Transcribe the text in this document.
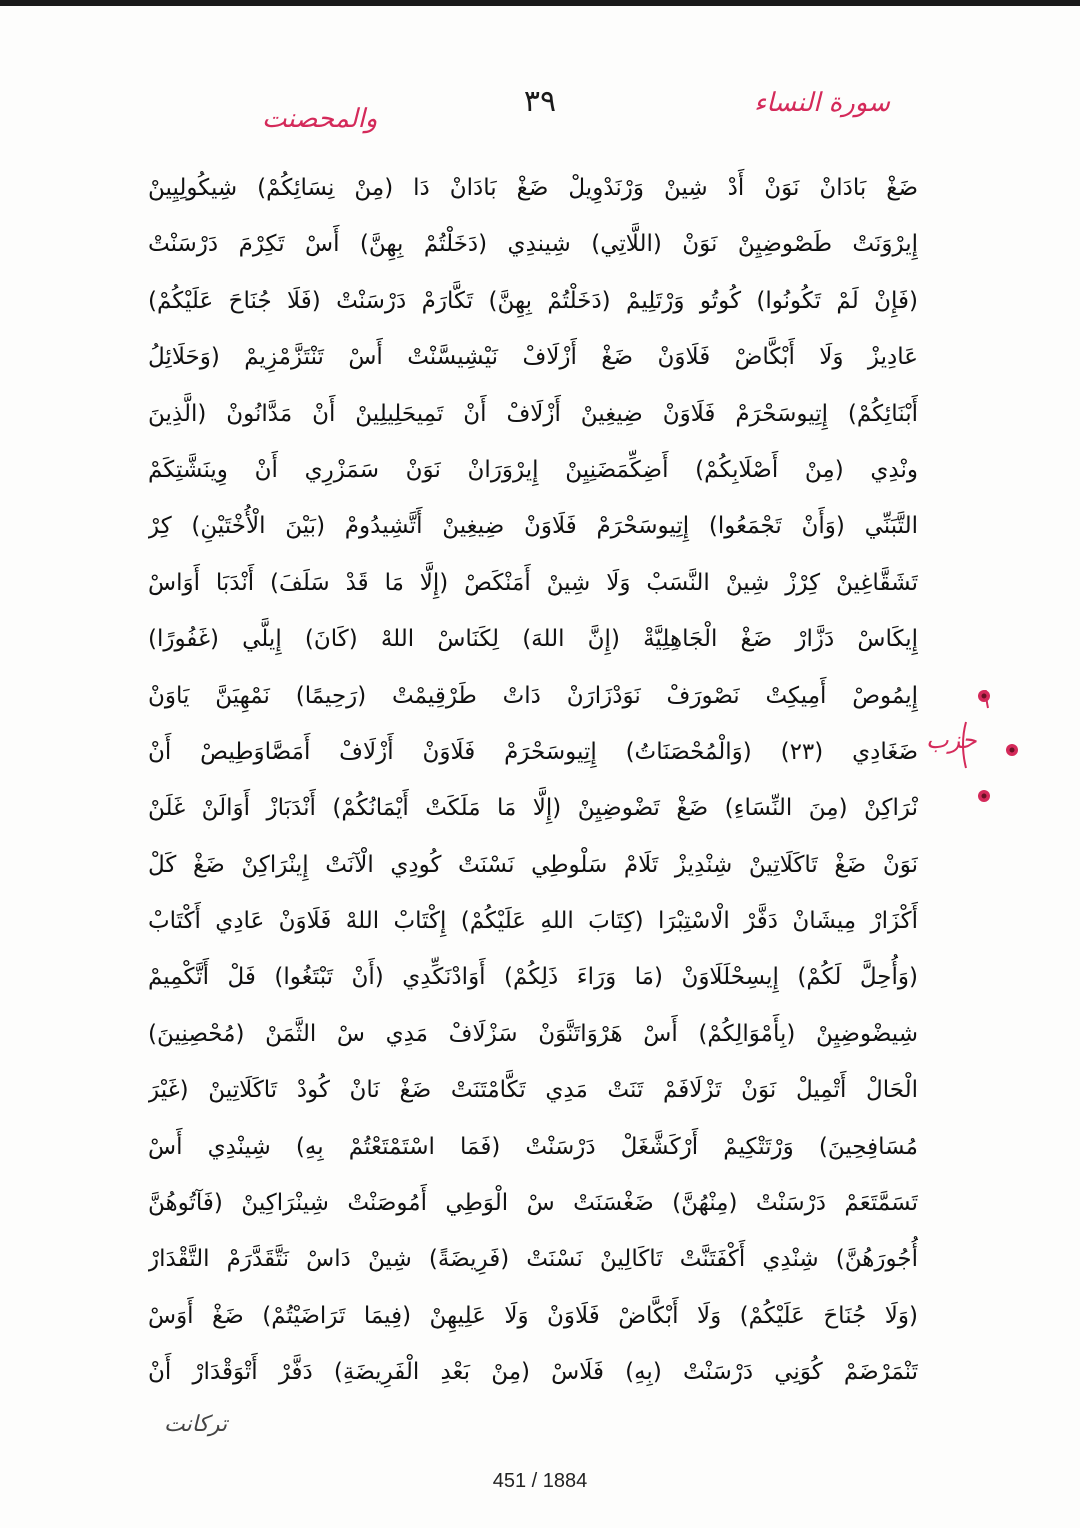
سورة النساء
٣٩
والمحصنت
ضَغْ بَادَانْ نَوَنْ أَدْ شِينْ وَرْنَدْوِيلْ ضَغْ بَادَانْ دَا (مِنْ نِسَائِكُمْ) شِيكُولِيِينْ
إِيرْوَنَتْ طَصْوضِيِنْ نَوَنْ (اللَّاتِي) شِيندِي (دَخَلْتُمْ بِهِنَّ) أَسْ تَكِرْمَ دَرْسَنْتْ
(فَإِنْ لَمْ تَكُونُوا) كُوتُو وَرْتَلِيمْ (دَخَلْتُمْ بِهِنَّ) تَكَّارَمْ دَرْسَنْتْ (فَلَا جُنَاحَ عَلَيْكُمْ)
عَادِيزْ وَلَا أَبْكَّاضْ فَلَاوَنْ ضَغْ أَزْلَافْ نَيْشِيسَّنْتْ أَسْ تَنْتَزَّمْزِيمْ (وَحَلَائِلُ
أَبْنَائِكُمْ) إِتِيوسَحْرَمْ فَلَاوَنْ ضِيغِينْ أَزْلَافْ أَنْ تَمِيحَلِيلِينْ أَنْ مَدَّانُونْ (الَّذِينَ
ونْدِي (مِنْ أَصْلَابِكُمْ) أَضِكِّمَضَنِيِنْ إِيرْوَرَانْ نَوَنْ سَمَزْرِي أَنْ وِينَشَّتِكَمْ
التَّبَنِّي (وَأَنْ تَجْمَعُوا) إِتِيوسَحْرَمْ فَلَاوَنْ ضِيغِينْ أَتَّشِيدُومْ (بَيْنَ الْأُخْتَيْنِ) كِرْ
تَشَقَّاغِينْ كِرْزْ شِينْ النَّسَبْ وَلَا شِينْ أَمَنْكَصْ (إِلَّا مَا قَدْ سَلَفَ) أَنْدَبَا أَوَاسْ
إِيكَاسْ دَزَّارْ ضَغْ الْجَاهِلِيَّةْ (إِنَّ اللهَ) لِكَنَاسْ اللهْ (كَانَ) إِيلَّي (غَفُورًا)
إِيمُوصْ أَمِيكِتْ نَصْورَفْ نَوَدْزَارَنْ دَاتْ طَرْقِيمْتْ (رَحِيمًا) نَمْهِيَنَّ يَاوَنْ
ضَغَادِي (٢٣) (وَالْمُحْصَنَاتُ) إِتِيوسَحْرَمْ فَلَاوَنْ أَزْلَافْ أَمَصَّاوَطِيصْ أَنْ
نْرَاكِنْ (مِنَ النِّسَاءِ) ضَغْ تَضْوضِيِنْ (إِلَّا مَا مَلَكَتْ أَيْمَانُكُمْ) أَنْدَبَازْ أَوَالَنْ غَلَنْ
نَوَنْ ضَغْ تَاكَلَاتِينْ شِنْدِيزْ تَلَامْ سَلْوطِي نَسْنَتْ كُودِي الْآنَتْ إِينْرَاكِنْ ضَغْ كَلْ
أَكْزَارْ مِيشَانْ دَفَّرْ الْاسْتِبْرَا (كِتَابَ اللهِ عَلَيْكُمْ) إِكْتَابْ اللهْ فَلَاوَنْ عَادِي أَكْتَابْ
(وَأُحِلَّ لَكُمْ) إِيسِحْلَلَاوَنْ (مَا وَرَاءَ ذَلِكُمْ) أَوَادْنَكِّدِي (أَنْ تَبْتَغُوا) فَلْ أَتَّكْمِيمْ
شِيضْوضِيِنْ (بِأَمْوَالِكُمْ) أَسْ هَرْوَاتَنَّوَنْ سَزْلَافْ مَدِي سْ الثَّمَنْ (مُحْصِنِينَ)
الْحَالْ أَتْمِيلْ نَوَنْ تَزْلَافَمْ تَنَتْ مَدِي تَكَّامْتَنَتْ ضَغْ نَانْ كُودْ تَاكَلَاتِينْ (غَيْرَ
مُسَافِحِينَ) وَرْتَتْكِيمْ أَرْكَشَّغَلْ دَرْسَنْتْ (فَمَا اسْتَمْتَعْتُمْ بِهِ) شِينْدِي أَسْ
تَسَمَّتَعَمْ دَرْسَنْتْ (مِنْهُنَّ) ضَغْسَنَتْ سْ الْوَطِي أَمُوصَنْتْ شِينْرَاكِينْ (فَآتُوهُنَّ
أُجُورَهُنَّ) شِنْدِي أَكْفَتَنَّتْ تَاكَالِينْ نَسْنَتْ (فَرِيضَةً) شِينْ دَاسْ نَتَّقَدَّرَمْ التَّقْدَارْ
(وَلَا جُنَاحَ عَلَيْكُمْ) وَلَا أَبْكَّاضْ فَلَاوَنْ وَلَا عَلِيهِنْ (فِيمَا تَرَاضَيْتُمْ) ضَغْ أَوَسْ
تَنْمَرْضَمْ كُوَنِي دَرْسَنْتْ (بِهِ) فَلَاسْ (مِنْ بَعْدِ الْفَرِيضَةِ) دَفَّرْ أَتْوَقْدَارْ أَنْ
حزب
تركانت
451 / 1884
